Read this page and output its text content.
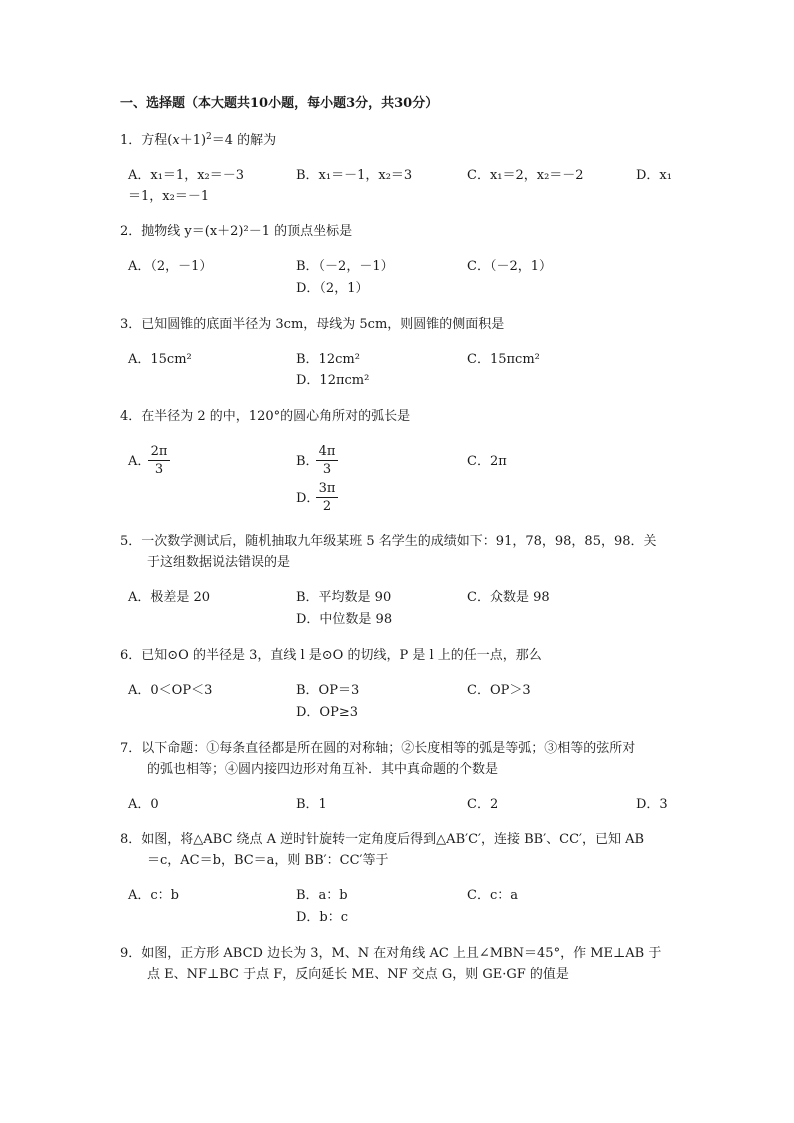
一、选择题（本大题共10小题，每小题3分，共30分）
1．方程$(x+1)^2=4$ 的解为
A．x₁＝1，x₂＝－3	B．x₁＝－1，x₂＝3	C．x₁＝2，x₂＝－2	D．x₁
＝1，x₂＝－1
2．抛物线 y＝(x＋2)²－1 的顶点坐标是
A．（2，－1）	B．（－2，－1）	C．（－2，1）
D．（2，1）
3．已知圆锥的底面半径为 3cm，母线为 5cm，则圆锥的侧面积是
A．15cm²	B．12cm²	C．15πcm²
D．12πcm²
4．在半径为 2 的中，120°的圆心角所对的弧长是
A．
$\frac{2\pi}{3}$	B．
$\frac{4\pi}{3}$	C．2π
D．
$\frac{3\pi}{2}$
5．一次数学测试后，随机抽取九年级某班 5 名学生的成绩如下：91，78，98，85，98．关
于这组数据说法错误的是
A．极差是 20	B．平均数是 90	C．众数是 98
D．中位数是 98
6．已知⊙O 的半径是 3，直线 l 是⊙O 的切线，P 是 l 上的任一点，那么
A．0＜OP＜3	B．OP＝3	C．OP＞3
D．OP≥3
7．以下命题：①每条直径都是所在圆的对称轴；②长度相等的弧是等弧；③相等的弦所对
的弧也相等；④圆内接四边形对角互补．其中真命题的个数是
A．0	B．1	C．2	D．3
8．如图，将△ABC 绕点 A 逆时针旋转一定角度后得到△AB′C′，连接 BB′、CC′，已知 AB
＝c，AC＝b，BC＝a，则 BB′：CC′等于
A．c：b	B．a：b	C．c：a
D．b：c
9．如图，正方形 ABCD 边长为 3，M、N 在对角线 AC 上且∠MBN＝45°，作 ME⊥AB 于
点 E、NF⊥BC 于点 F，反向延长 ME、NF 交点 G，则 GE·GF 的值是
